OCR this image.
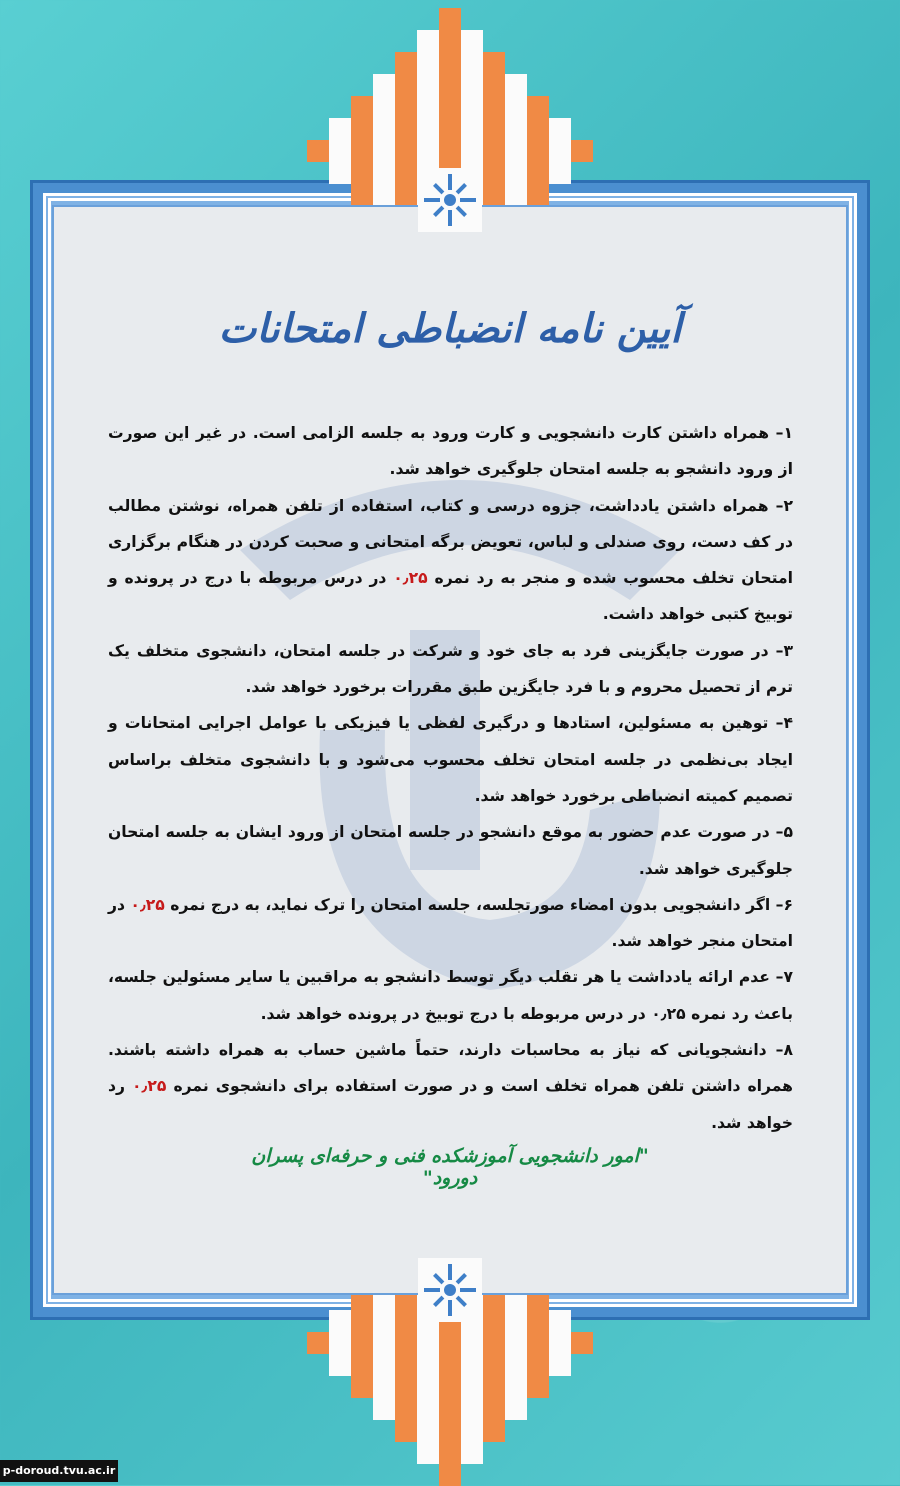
آیین نامه انضباطی امتحانات

۱– همراه داشتن کارت دانشجویی و کارت ورود به جلسه الزامی است. در غیر این صورت از ورود دانشجو به جلسه امتحان جلوگیری خواهد شد.

۲– همراه داشتن یادداشت، جزوه درسی و کتاب، استفاده از تلفن همراه، نوشتن مطالب در کف دست، روی صندلی و لباس، تعویض برگه امتحانی و صحبت کردن در هنگام برگزاری امتحان تخلف محسوب شده و منجر به رد نمره ۰٫۲۵ در درس مربوطه با درج در پرونده و توبیخ کتبی خواهد داشت.

۳– در صورت جایگزینی فرد به جای خود و شرکت در جلسه امتحان، دانشجوی متخلف یک ترم از تحصیل محروم و با فرد جایگزین طبق مقررات برخورد خواهد شد.

۴– توهین به مسئولین، استادها و درگیری لفظی یا فیزیکی با عوامل اجرایی امتحانات و ایجاد بی‌نظمی در جلسه امتحان تخلف محسوب می‌شود و با دانشجوی متخلف براساس تصمیم کمیته انضباطی برخورد خواهد شد.

۵– در صورت عدم حضور به موقع دانشجو در جلسه امتحان از ورود ایشان به جلسه امتحان جلوگیری خواهد شد.

۶– اگر دانشجویی بدون امضاء صورتجلسه، جلسه امتحان را ترک نماید، به درج نمره ۰٫۲۵ در امتحان منجر خواهد شد.

۷– عدم ارائه یادداشت یا هر تقلب دیگر توسط دانشجو به مراقبین یا سایر مسئولین جلسه، باعث رد نمره ۰٫۲۵ در درس مربوطه با درج توبیخ در پرونده خواهد شد.

۸– دانشجویانی که نیاز به محاسبات دارند، حتماً ماشین حساب به همراه داشته باشند. همراه داشتن تلفن همراه تخلف است و در صورت استفاده برای دانشجوی نمره ۰٫۲۵ رد خواهد شد.

"امور دانشجویی آموزشکده فنی و حرفه‌ای پسران دورود"
p-doroud.tvu.ac.ir
